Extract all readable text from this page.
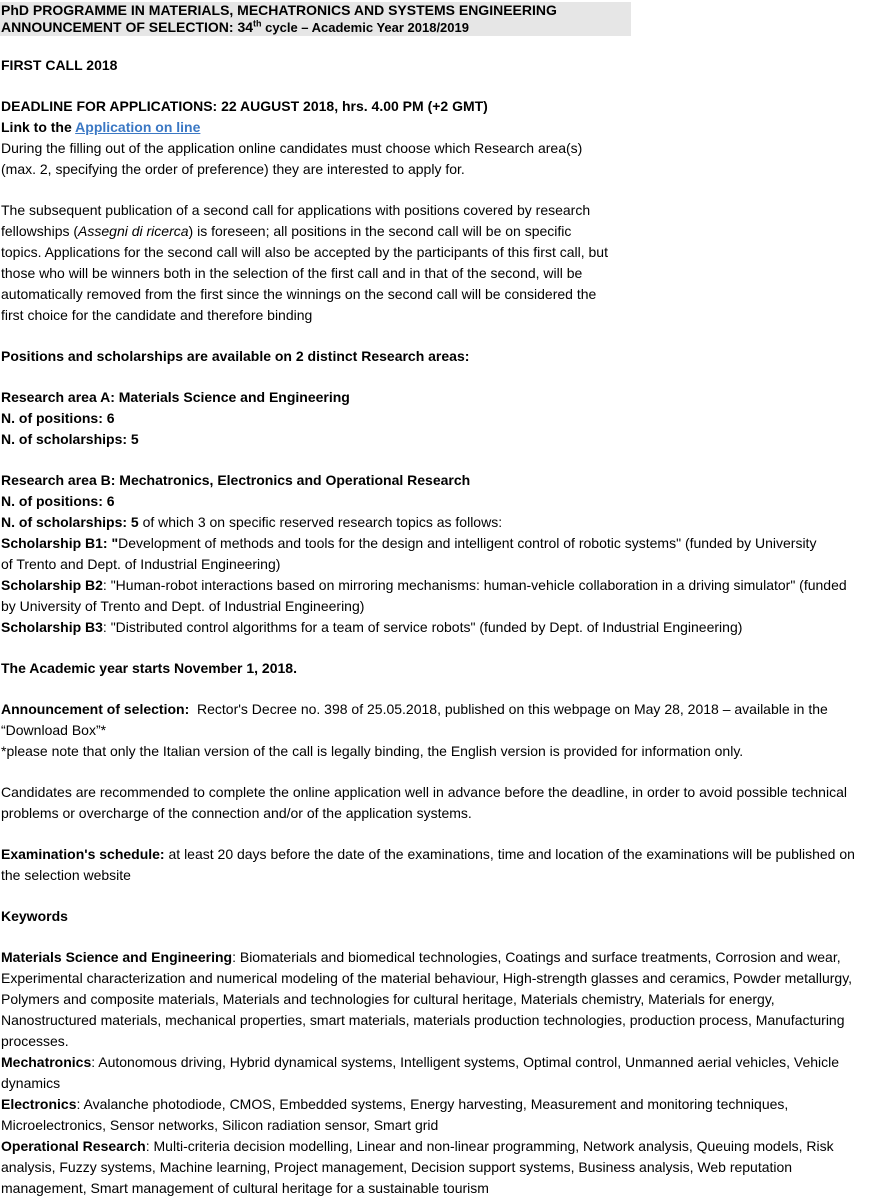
PhD PROGRAMME IN MATERIALS, MECHATRONICS AND SYSTEMS ENGINEERING
ANNOUNCEMENT OF SELECTION: 34th cycle – Academic Year 2018/2019
FIRST CALL 2018
DEADLINE FOR APPLICATIONS: 22 AUGUST 2018, hrs. 4.00 PM (+2 GMT)
Link to the Application on line
During the filling out of the application online candidates must choose which Research area(s)
(max. 2, specifying the order of preference) they are interested to apply for.
The subsequent publication of a second call for applications with positions covered by research
fellowships (Assegni di ricerca) is foreseen; all positions in the second call will be on specific
topics. Applications for the second call will also be accepted by the participants of this first call, but
those who will be winners both in the selection of the first call and in that of the second, will be
automatically removed from the first since the winnings on the second call will be considered the
first choice for the candidate and therefore binding
Positions and scholarships are available on 2 distinct Research areas:
Research area A: Materials Science and Engineering
N. of positions: 6
N. of scholarships: 5
Research area B: Mechatronics, Electronics and Operational Research
N. of positions: 6
N. of scholarships: 5 of which 3 on specific reserved research topics as follows:
Scholarship B1: "Development of methods and tools for the design and intelligent control of robotic systems" (funded by University
of Trento and Dept. of Industrial Engineering)
Scholarship B2: "Human-robot interactions based on mirroring mechanisms: human-vehicle collaboration in a driving simulator" (funded
by University of Trento and Dept. of Industrial Engineering)
Scholarship B3: "Distributed control algorithms for a team of service robots" (funded by Dept. of Industrial Engineering)
The Academic year starts November 1, 2018.
Announcement of selection:  Rector's Decree no. 398 of 25.05.2018, published on this webpage on May 28, 2018 – available in the
“Download Box”*
*please note that only the Italian version of the call is legally binding, the English version is provided for information only.
Candidates are recommended to complete the online application well in advance before the deadline, in order to avoid possible technical
problems or overcharge of the connection and/or of the application systems.
Examination's schedule: at least 20 days before the date of the examinations, time and location of the examinations will be published on
the selection website
Keywords
Materials Science and Engineering: Biomaterials and biomedical technologies, Coatings and surface treatments, Corrosion and wear,
Experimental characterization and numerical modeling of the material behaviour, High-strength glasses and ceramics, Powder metallurgy,
Polymers and composite materials, Materials and technologies for cultural heritage, Materials chemistry, Materials for energy,
Nanostructured materials, mechanical properties, smart materials, materials production technologies, production process, Manufacturing
processes.
Mechatronics: Autonomous driving, Hybrid dynamical systems, Intelligent systems, Optimal control, Unmanned aerial vehicles, Vehicle
dynamics
Electronics: Avalanche photodiode, CMOS, Embedded systems, Energy harvesting, Measurement and monitoring techniques,
Microelectronics, Sensor networks, Silicon radiation sensor, Smart grid
Operational Research: Multi-criteria decision modelling, Linear and non-linear programming, Network analysis, Queuing models, Risk
analysis, Fuzzy systems, Machine learning, Project management, Decision support systems, Business analysis, Web reputation
management, Smart management of cultural heritage for a sustainable tourism
